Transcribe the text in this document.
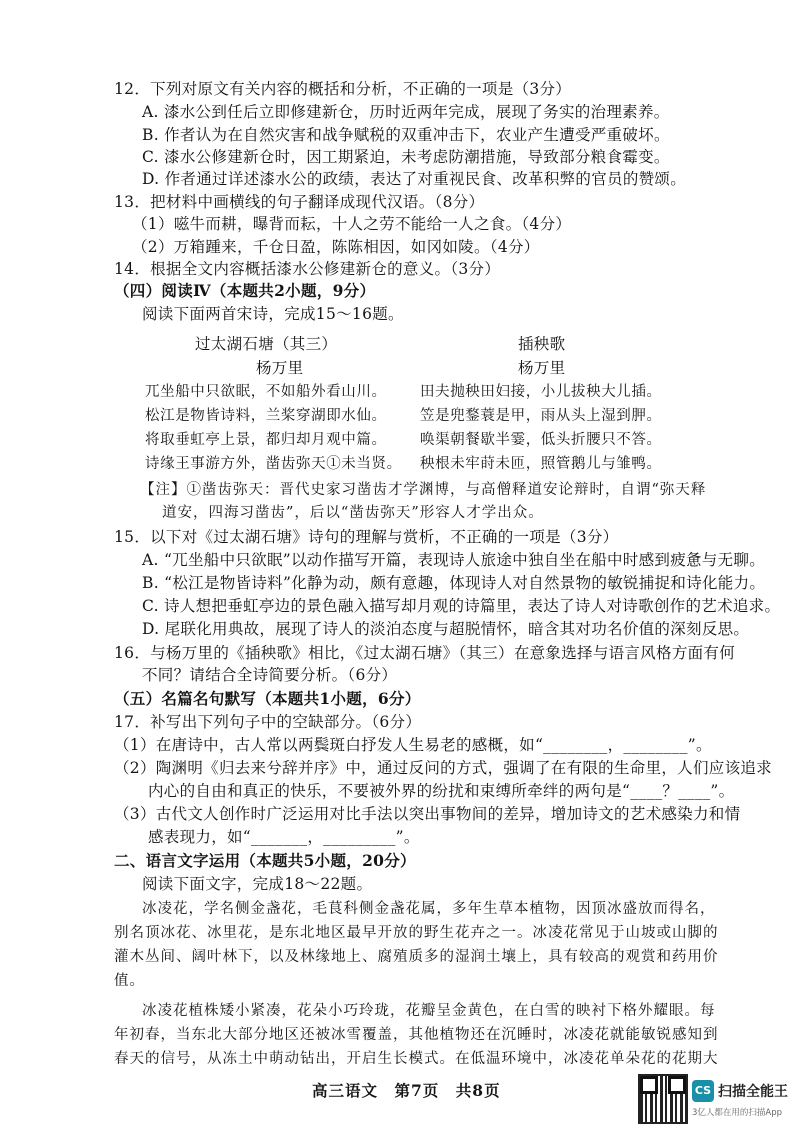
12．下列对原文有关内容的概括和分析，不正确的一项是（3分）
A. 漆水公到任后立即修建新仓，历时近两年完成，展现了务实的治理素养。
B. 作者认为在自然灾害和战争赋税的双重冲击下，农业产生遭受严重破坏。
C. 漆水公修建新仓时，因工期紧迫，未考虑防潮措施，导致部分粮食霉变。
D. 作者通过详述漆水公的政绩，表达了对重视民食、改革积弊的官员的赞颂。
13．把材料中画横线的句子翻译成现代汉语。（8分）
（1）嗞牛而耕，曝背而耘，十人之劳不能给一人之食。（4分）
（2）万箱踵来，千仓日盈，陈陈相因，如冈如陵。（4分）
14．根据全文内容概括漆水公修建新仓的意义。（3分）
（四）阅读Ⅳ（本题共2小题，9分）
阅读下面两首宋诗，完成15～16题。
过太湖石塘（其三）
杨万里
插秧歌
杨万里
兀坐船中只欲眠，不如船外看山川。
松江是物皆诗料，兰桨穿湖即水仙。
将取垂虹亭上景，都归却月观中篇。
诗缘王事游方外，凿齿弥天①未当贤。
田夫抛秧田妇接，小儿拔秧大儿插。
笠是兜鍪蓑是甲，雨从头上湿到胛。
唤渠朝餐歇半霎，低头折腰只不答。
秧根未牢莳未匝，照管鹅儿与雏鸭。
【注】①凿齿弥天：晋代史家习凿齿才学渊博，与高僧释道安论辩时，自谓“弥天释
道安，四海习凿齿”，后以“凿齿弥天”形容人才学出众。
15．以下对《过太湖石塘》诗句的理解与赏析，不正确的一项是（3分）
A. “兀坐船中只欲眠”以动作描写开篇，表现诗人旅途中独自坐在船中时感到疲惫与无聊。
B. “松江是物皆诗料”化静为动，颇有意趣，体现诗人对自然景物的敏锐捕捉和诗化能力。
C. 诗人想把垂虹亭边的景色融入描写却月观的诗篇里，表达了诗人对诗歌创作的艺术追求。
D. 尾联化用典故，展现了诗人的淡泊态度与超脱情怀，暗含其对功名价值的深刻反思。
16．与杨万里的《插秧歌》相比，《过太湖石塘》（其三）在意象选择与语言风格方面有何
不同？请结合全诗简要分析。（6分）
（五）名篇名句默写（本题共1小题，6分）
17．补写出下列句子中的空缺部分。（6分）
（1）在唐诗中，古人常以两鬓斑白抒发人生易老的感概，如“________，________”。
（2）陶渊明《归去来兮辞并序》中，通过反问的方式，强调了在有限的生命里，人们应该追求
内心的自由和真正的快乐，不要被外界的纷扰和束缚所牵绊的两句是“____？____”。
（3）古代文人创作时广泛运用对比手法以突出事物间的差异，增加诗文的艺术感染力和情
感表现力，如“_______，_________”。
二、语言文字运用（本题共5小题，20分）
阅读下面文字，完成18～22题。
冰凌花，学名侧金盏花，毛茛科侧金盏花属，多年生草本植物，因顶冰盛放而得名，
别名顶冰花、冰里花，是东北地区最早开放的野生花卉之一。冰凌花常见于山坡或山脚的
灌木丛间、阔叶林下，以及林缘地上、腐殖质多的湿润土壤上，具有较高的观赏和药用价
值。
冰凌花植株矮小紧凑，花朵小巧玲珑，花瓣呈金黄色，在白雪的映衬下格外耀眼。每
年初春，当东北大部分地区还被冰雪覆盖，其他植物还在沉睡时，冰凌花就能敏锐感知到
春天的信号，从冻土中萌动钻出，开启生长模式。在低温环境中，冰凌花单朵花的花期大
高三语文　第7页　共8页	CS 扫描全能王
3亿人都在用的扫描App
